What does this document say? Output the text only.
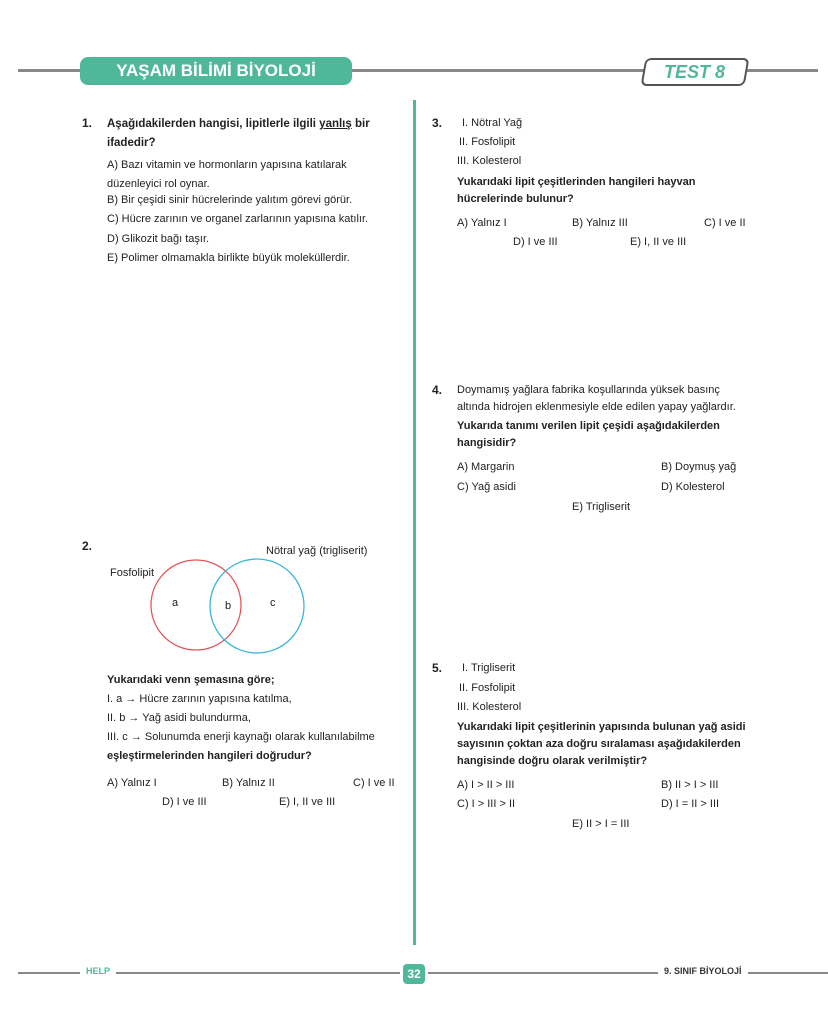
YAŞAM BİLİMİ BİYOLOJİ	TEST 8
1. Aşağıdakilerden hangisi, lipitlerle ilgili yanlış bir ifadedir?
A) Bazı vitamin ve hormonların yapısına katılarak düzenleyici rol oynar.
B) Bir çeşidi sinir hücrelerinde yalıtım görevi görür.
C) Hücre zarının ve organel zarlarının yapısına katılır.
D) Glikozit bağı taşır.
E) Polimer olmamakla birlikte büyük moleküllerdir.
2.
Fosfolipit
Nötral yağ (trigliserit)
a	b	c
Yukarıdaki venn şemasına göre;
I. a → Hücre zarının yapısına katılma,
II. b → Yağ asidi bulundurma,
III. c → Solunumda enerji kaynağı olarak kullanılabilme
eşleştirmelerinden hangileri doğrudur?
A) Yalnız I	B) Yalnız II	C) I ve II
D) I ve III	E) I, II ve III
3. I. Nötral Yağ
II. Fosfolipit
III. Kolesterol
Yukarıdaki lipit çeşitlerinden hangileri hayvan hücrelerinde bulunur?
A) Yalnız I	B) Yalnız III	C) I ve II
D) I ve III	E) I, II ve III
4. Doymamış yağlara fabrika koşullarında yüksek basınç altında hidrojen eklenmesiyle elde edilen yapay yağlardır.
Yukarıda tanımı verilen lipit çeşidi aşağıdakilerden hangisidir?
A) Margarin	B) Doymuş yağ
C) Yağ asidi	D) Kolesterol
E) Trigliserit
5. I. Trigliserit
II. Fosfolipit
III. Kolesterol
Yukarıdaki lipit çeşitlerinin yapısında bulunan yağ asidi sayısının çoktan aza doğru sıralaması aşağıdakilerden hangisinde doğru olarak verilmiştir?
A) I > II > III	B) II > I > III
C) I > III > II	D) I = II > III
E) II > I = III
HELP	32	9. SINIF BİYOLOJİ
